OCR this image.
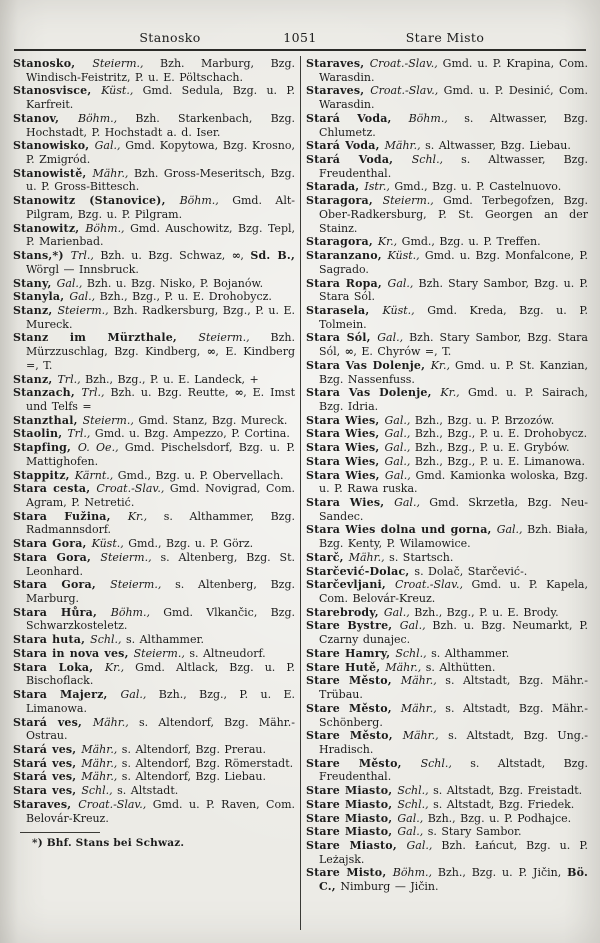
Stanosko	1051	Stare Misto
Stanosko, Steierm., Bzh. Marburg, Bzg. Windisch-Feistritz, P. u. E. Pöltschach.
Stanosvisce, Küst., Gmd. Sedula, Bzg. u. P. Karfreit.
Stanov, Böhm., Bzh. Starkenbach, Bzg. Hochstadt, P. Hochstadt a. d. Iser.
Stanowisko, Gal., Gmd. Kopytowa, Bzg. Krosno, P. Zmigród.
Stanowistě, Mähr., Bzh. Gross-Meseritsch, Bzg. u. P. Gross-Bittesch.
Stanowitz (Stanovice), Böhm., Gmd. Alt-Pilgram, Bzg. u. P. Pilgram.
Stanowitz, Böhm., Gmd. Auschowitz, Bzg. Tepl, P. Marienbad.
Stans,*) Trl., Bzh. u. Bzg. Schwaz, ∞, Sd. B., Wörgl — Innsbruck.
Stany, Gal., Bzh. u. Bzg. Nisko, P. Bojanów.
Stanyla, Gal., Bzh., Bzg., P. u. E. Drohobycz.
Stanz, Steierm., Bzh. Radkersburg, Bzg., P. u. E. Mureck.
Stanz im Mürzthale, Steierm., Bzh. Mürzzuschlag, Bzg. Kindberg, ∞, E. Kindberg =, T.
Stanz, Trl., Bzh., Bzg., P. u. E. Landeck, +
Stanzach, Trl., Bzh. u. Bzg. Reutte, ∞, E. Imst und Telfs =
Stanzthal, Steierm., Gmd. Stanz, Bzg. Mureck.
Staolin, Trl., Gmd. u. Bzg. Ampezzo, P. Cortina.
Stapfing, O. Oe., Gmd. Pischelsdorf, Bzg. u. P. Mattighofen.
Stappitz, Kärnt., Gmd., Bzg. u. P. Obervellach.
Stara cesta, Croat.-Slav., Gmd. Novigrad, Com. Agram, P. Netretić.
Stara Fužina, Kr., s. Althammer, Bzg. Radmannsdorf.
Stara Gora, Küst., Gmd., Bzg. u. P. Görz.
Stara Gora, Steierm., s. Altenberg, Bzg. St. Leonhard.
Stara Gora, Steierm., s. Altenberg, Bzg. Marburg.
Stara Hůra, Böhm., Gmd. Vlkančic, Bzg. Schwarzkosteletz.
Stara huta, Schl., s. Althammer.
Stara in nova ves, Steierm., s. Altneudorf.
Stara Loka, Kr., Gmd. Altlack, Bzg. u. P. Bischoflack.
Stara Majerz, Gal., Bzh., Bzg., P. u. E. Limanowa.
Stará ves, Mähr., s. Altendorf, Bzg. Mähr.-Ostrau.
Stará ves, Mähr., s. Altendorf, Bzg. Prerau.
Stará ves, Mähr., s. Altendorf, Bzg. Römerstadt.
Stará ves, Mähr., s. Altendorf, Bzg. Liebau.
Stara ves, Schl., s. Altstadt.
Staraves, Croat.-Slav., Gmd. u. P. Raven, Com. Belovár-Kreuz.
*) Bhf. Stans bei Schwaz.
Staraves, Croat.-Slav., Gmd. u. P. Krapina, Com. Warasdin.
Staraves, Croat.-Slav., Gmd. u. P. Desinić, Com. Warasdin.
Stará Voda, Böhm., s. Altwasser, Bzg. Chlumetz.
Stará Voda, Mähr., s. Altwasser, Bzg. Liebau.
Stará Voda, Schl., s. Altwasser, Bzg. Freudenthal.
Starada, Istr., Gmd., Bzg. u. P. Castelnuovo.
Staragora, Steierm., Gmd. Terbegofzen, Bzg. Ober-Radkersburg, P. St. Georgen an der Stainz.
Staragora, Kr., Gmd., Bzg. u. P. Treffen.
Staranzano, Küst., Gmd. u. Bzg. Monfalcone, P. Sagrado.
Stara Ropa, Gal., Bzh. Stary Sambor, Bzg. u. P. Stara Sól.
Starasela, Küst., Gmd. Kreda, Bzg. u. P. Tolmein.
Stara Sól, Gal., Bzh. Stary Sambor, Bzg. Stara Sól, ∞, E. Chyrów =, T.
Stara Vas Dolenje, Kr., Gmd. u. P. St. Kanzian, Bzg. Nassenfuss.
Stara Vas Dolenje, Kr., Gmd. u. P. Sairach, Bzg. Idria.
Stara Wies, Gal., Bzh., Bzg. u. P. Brzozów.
Stara Wies, Gal., Bzh., Bzg., P. u. E. Drohobycz.
Stara Wies, Gal., Bzh., Bzg., P. u. E. Grybów.
Stara Wies, Gal., Bzh., Bzg., P. u. E. Limanowa.
Stara Wies, Gal., Gmd. Kamionka woloska, Bzg. u. P. Rawa ruska.
Stara Wies, Gal., Gmd. Skrzetła, Bzg. Neu-Sandec.
Stara Wies dolna und gorna, Gal., Bzh. Biała, Bzg. Kenty, P. Wilamowice.
Starč, Mähr., s. Startsch.
Starčević-Dolac, s. Dolač, Starčević-.
Starčevljani, Croat.-Slav., Gmd. u. P. Kapela, Com. Belovár-Kreuz.
Starebrody, Gal., Bzh., Bzg., P. u. E. Brody.
Stare Bystre, Gal., Bzh. u. Bzg. Neumarkt, P. Czarny dunajec.
Stare Hamry, Schl., s. Althammer.
Stare Hutě, Mähr., s. Althütten.
Stare Město, Mähr., s. Altstadt, Bzg. Mähr.-Trübau.
Stare Město, Mähr., s. Altstadt, Bzg. Mähr.-Schönberg.
Stare Město, Mähr., s. Altstadt, Bzg. Ung.-Hradisch.
Stare Město, Schl., s. Altstadt, Bzg. Freudenthal.
Stare Miasto, Schl., s. Altstadt, Bzg. Freistadt.
Stare Miasto, Schl., s. Altstadt, Bzg. Friedek.
Stare Miasto, Gal., Bzh., Bzg. u. P. Podhajce.
Stare Miasto, Gal., s. Stary Sambor.
Stare Miasto, Gal., Bzh. Łańcut, Bzg. u. P. Leżajsk.
Stare Misto, Böhm., Bzh., Bzg. u. P. Jičin, Bö. C., Nimburg — Jičin.
